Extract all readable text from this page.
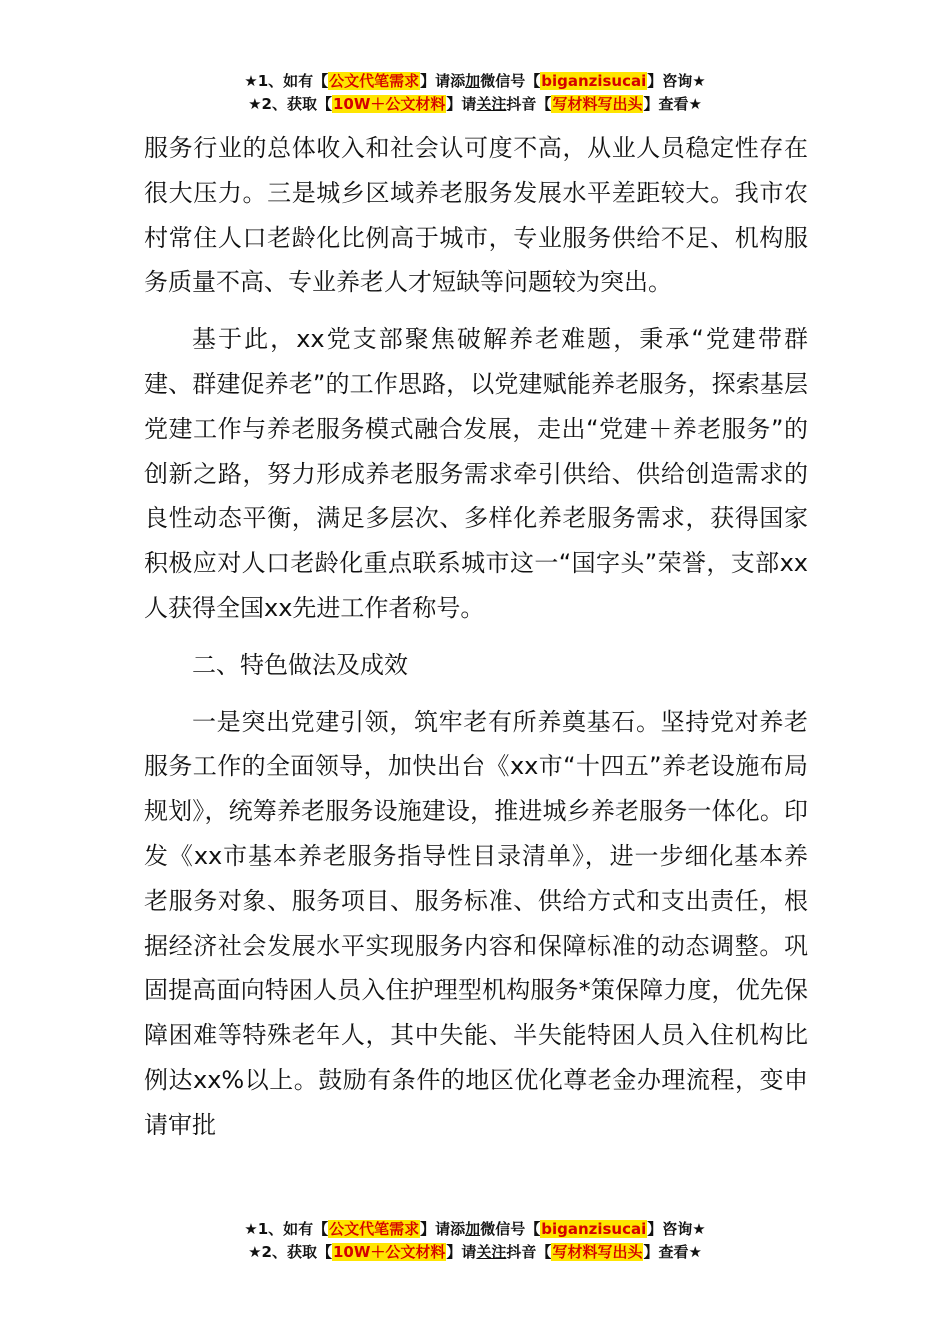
★1、如有【公文代笔需求】请添加微信号【biganzisucai】咨询★
★2、获取【10W＋公文材料】请关注抖音【写材料写出头】查看★

服务行业的总体收入和社会认可度不高，从业人员稳定性存在很大压力。三是城乡区域养老服务发展水平差距较大。我市农村常住人口老龄化比例高于城市，专业服务供给不足、机构服务质量不高、专业养老人才短缺等问题较为突出。

基于此，xx党支部聚焦破解养老难题，秉承“党建带群建、群建促养老”的工作思路，以党建赋能养老服务，探索基层党建工作与养老服务模式融合发展，走出“党建＋养老服务”的创新之路，努力形成养老服务需求牵引供给、供给创造需求的良性动态平衡，满足多层次、多样化养老服务需求，获得国家积极应对人口老龄化重点联系城市这一“国字头”荣誉，支部xx人获得全国xx先进工作者称号。

二、特色做法及成效

一是突出党建引领，筑牢老有所养奠基石。坚持党对养老服务工作的全面领导，加快出台《xx市“十四五”养老设施布局规划》，统筹养老服务设施建设，推进城乡养老服务一体化。印发《xx市基本养老服务指导性目录清单》，进一步细化基本养老服务对象、服务项目、服务标准、供给方式和支出责任，根据经济社会发展水平实现服务内容和保障标准的动态调整。巩固提高面向特困人员入住护理型机构服务*策保障力度，优先保障困难等特殊老年人，其中失能、半失能特困人员入住机构比例达xx%以上。鼓励有条件的地区优化尊老金办理流程，变申请审批

★1、如有【公文代笔需求】请添加微信号【biganzisucai】咨询★
★2、获取【10W＋公文材料】请关注抖音【写材料写出头】查看★
